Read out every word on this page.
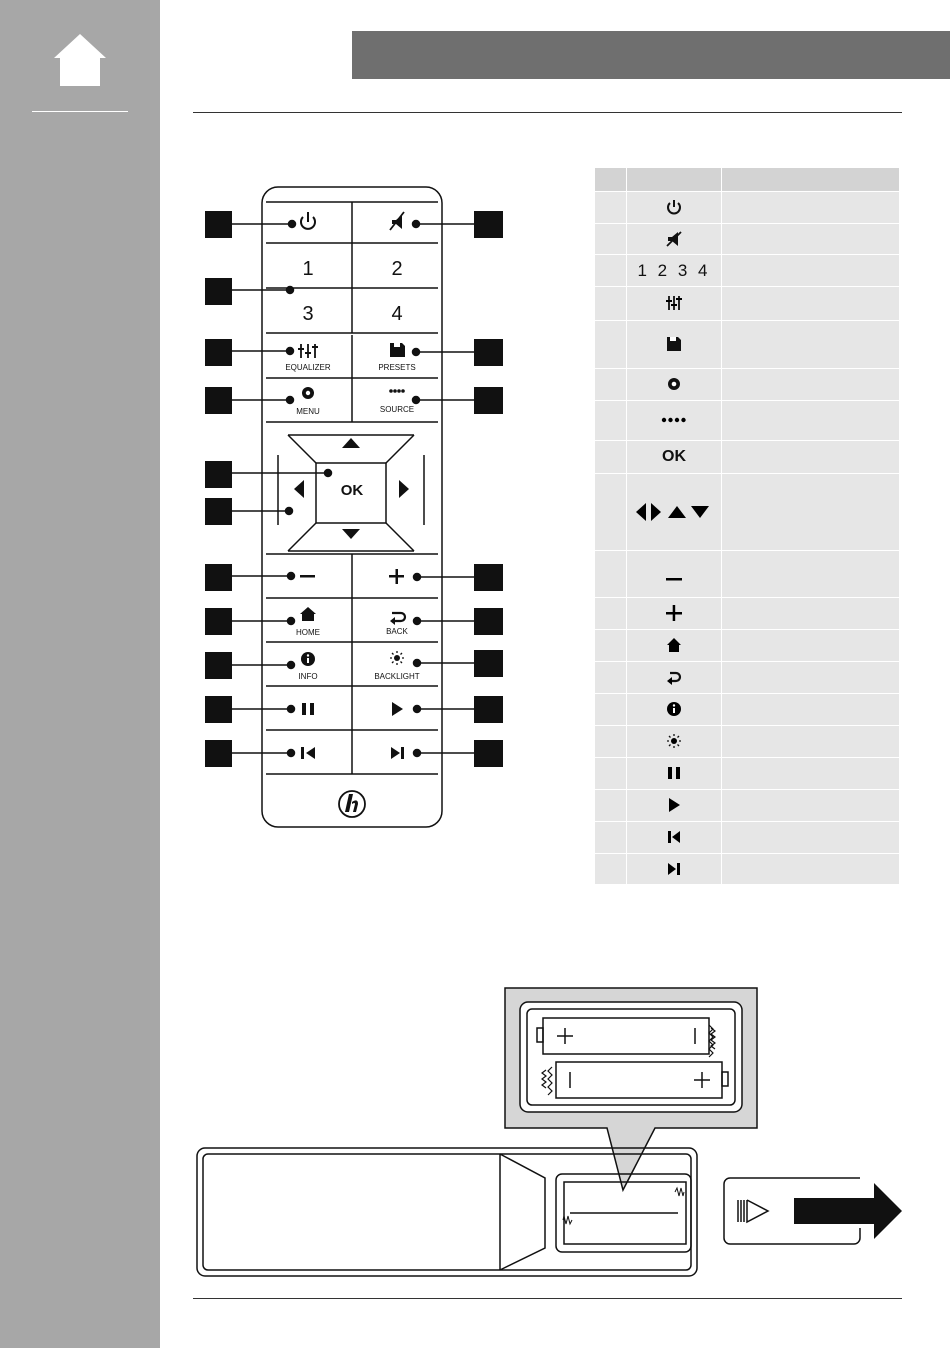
1	2
3	4
EQUALIZER	PRESETS
MENU	SOURCE
OK
HOME	BACK
INFO	BACKLIGHT

	1 2 3 4	

	OK	
